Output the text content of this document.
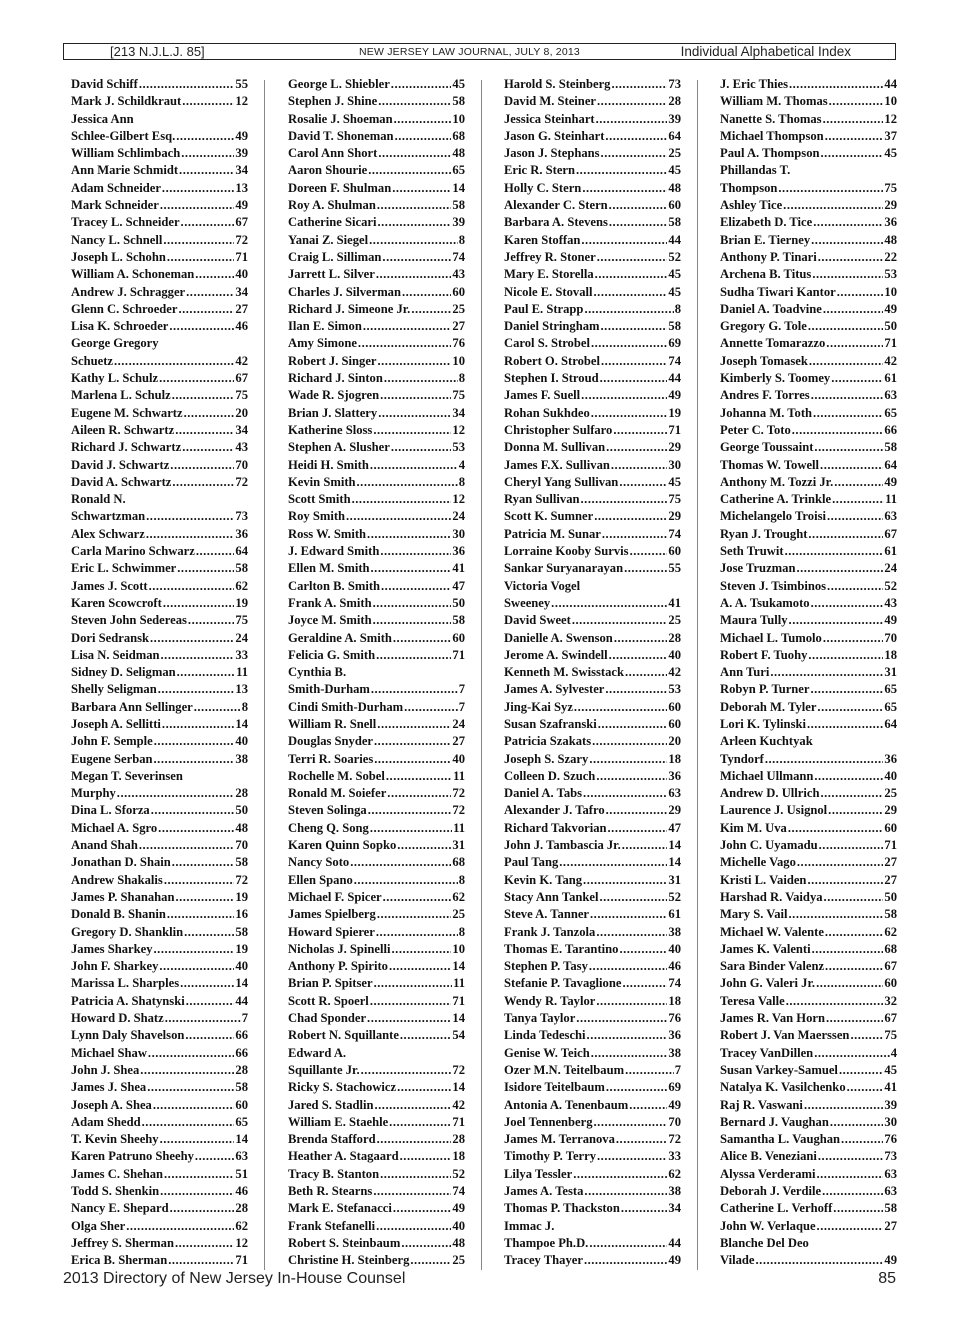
[213 N.J.L.J. 85]	NEW JERSEY LAW JOURNAL, JULY 8, 2013	Individual Alphabetical Index
David Schiff .....	55
Mark J. Schildkraut .....	12
Jessica Ann
Schlee-Gilbert Esq. .....	49
William Schlimbach .....	39
Ann Marie Schmidt .....	34
Adam Schneider .....	13
Mark Schneider .....	49
Tracey L. Schneider .....	67
Nancy L. Schnell .....	72
Joseph L. Schohn .....	71
William A. Schoneman .....	40
Andrew J. Schragger .....	34
Glenn C. Schroeder .....	27
Lisa K. Schroeder .....	46
George Gregory
Schuetz .....	42
Kathy L. Schulz .....	67
Marlena L. Schulz .....	75
Eugene M. Schwartz .....	20
Aileen R. Schwartz .....	34
Richard J. Schwartz .....	43
David J. Schwartz .....	70
David A. Schwartz .....	72
Ronald N.
Schwartzman .....	73
Alex Schwarz .....	36
Carla Marino Schwarz .....	64
Eric L. Schwimmer .....	58
James J. Scott .....	62
Karen Scowcroft .....	19
Steven John Sedereas .....	75
Dori Sedransk .....	24
Lisa N. Seidman .....	33
Sidney D. Seligman .....	11
Shelly Seligman .....	13
Barbara Ann Sellinger .....	8
Joseph A. Sellitti .....	14
John F. Semple .....	40
Eugene Serban .....	38
Megan T. Severinsen
Murphy .....	28
Dina L. Sforza .....	50
Michael A. Sgro .....	48
Anand Shah .....	70
Jonathan D. Shain .....	58
Andrew Shakalis .....	72
James P. Shanahan .....	19
Donald B. Shanin .....	16
Gregory D. Shanklin .....	58
James Sharkey .....	19
John F. Sharkey .....	40
Marissa L. Sharples .....	14
Patricia A. Shatynski .....	44
Howard D. Shatz .....	7
Lynn Daly Shavelson .....	66
Michael Shaw .....	66
John J. Shea .....	28
James J. Shea .....	58
Joseph A. Shea .....	60
Adam Shedd .....	65
T. Kevin Sheehy .....	14
Karen Patruno Sheehy .....	63
James C. Shehan .....	51
Todd S. Shenkin .....	46
Nancy E. Shepard .....	28
Olga Sher .....	62
Jeffrey S. Sherman .....	12
Erica B. Sherman .....	71
George L. Shiebler .....	45
Stephen J. Shine .....	58
Rosalie J. Shoeman .....	10
David T. Shoneman .....	68
Carol Ann Short .....	48
Aaron Shourie .....	65
Doreen F. Shulman .....	14
Roy A. Shulman .....	58
Catherine Sicari .....	39
Yanai Z. Siegel .....	8
Craig L. Silliman .....	74
Jarrett L. Silver .....	43
Charles J. Silverman .....	60
Richard J. Simeone Jr. .....	25
Ilan E. Simon .....	27
Amy Simone .....	76
Robert J. Singer .....	10
Richard J. Sinton .....	8
Wade R. Sjogren .....	75
Brian J. Slattery .....	34
Katherine Sloss .....	12
Stephen A. Slusher .....	53
Heidi H. Smith .....	4
Kevin Smith .....	8
Scott Smith .....	12
Roy Smith .....	24
Ross W. Smith .....	30
J. Edward Smith .....	36
Ellen M. Smith .....	41
Carlton B. Smith .....	47
Frank A. Smith .....	50
Joyce M. Smith .....	58
Geraldine A. Smith .....	60
Felicia G. Smith .....	71
Cynthia B.
Smith-Durham .....	7
Cindi Smith-Durham .....	7
William R. Snell .....	24
Douglas Snyder .....	27
Terri R. Soaries .....	40
Rochelle M. Sobel .....	11
Ronald M. Soiefer .....	72
Steven Solinga .....	72
Cheng Q. Song .....	11
Karen Quinn Sopko .....	31
Nancy Soto .....	68
Ellen Spano .....	8
Michael F. Spicer .....	62
James Spielberg .....	25
Howard Spierer .....	8
Nicholas J. Spinelli .....	10
Anthony P. Spirito .....	14
Brian P. Spitser .....	11
Scott R. Spoerl .....	71
Chad Sponder .....	14
Robert N. Squillante .....	54
Edward A.
Squillante Jr. .....	72
Ricky S. Stachowicz .....	14
Jared S. Stadlin .....	42
William E. Staehle .....	71
Brenda Stafford .....	28
Heather A. Stagaard .....	18
Tracy B. Stanton .....	52
Beth R. Stearns .....	74
Mark E. Stefanacci .....	49
Frank Stefanelli .....	40
Robert S. Steinbaum .....	48
Christine H. Steinberg .....	25
Harold S. Steinberg .....	73
David M. Steiner .....	28
Jessica Steinhart .....	39
Jason G. Steinhart .....	64
Jason J. Stephans .....	25
Eric R. Stern .....	45
Holly C. Stern .....	48
Alexander C. Stern .....	60
Barbara A. Stevens .....	58
Karen Stoffan .....	44
Jeffrey R. Stoner .....	52
Mary E. Storella .....	45
Nicole E. Stovall .....	45
Paul E. Strapp .....	8
Daniel Stringham .....	58
Carol S. Strobel .....	69
Robert O. Strobel .....	74
Stephen I. Stroud .....	44
James F. Suell .....	49
Rohan Sukhdeo .....	19
Christopher Sulfaro .....	71
Donna M. Sullivan .....	29
James F.X. Sullivan .....	30
Cheryl Yang Sullivan .....	45
Ryan Sullivan .....	75
Scott K. Sumner .....	29
Patricia M. Sunar .....	74
Lorraine Kooby Survis .....	60
Sankar Suryanarayan .....	55
Victoria Vogel
Sweeney .....	41
David Sweet .....	25
Danielle A. Swenson .....	28
Jerome A. Swindell .....	40
Kenneth M. Swisstack .....	42
James A. Sylvester .....	53
Jing-Kai Syz .....	60
Susan Szafranski .....	60
Patricia Szakats .....	20
Joseph S. Szary .....	18
Colleen D. Szuch .....	36
Daniel A. Tabs .....	63
Alexander J. Tafro .....	29
Richard Takvorian .....	47
John J. Tambascia Jr. .....	14
Paul Tang .....	14
Kevin K. Tang .....	31
Stacy Ann Tankel .....	52
Steve A. Tanner .....	61
Frank J. Tanzola .....	38
Thomas E. Tarantino .....	40
Stephen P. Tasy .....	46
Stefanie P. Tavaglione .....	74
Wendy R. Taylor .....	18
Tanya Taylor .....	76
Linda Tedeschi .....	36
Genise W. Teich .....	38
Ozer M.N. Teitelbaum .....	7
Isidore Teitelbaum .....	69
Antonia A. Tenenbaum .....	49
Joel Tennenberg .....	70
James M. Terranova .....	72
Timothy P. Terry .....	33
Lilya Tessler .....	62
James A. Testa .....	38
Thomas P. Thackston .....	34
Immac J.
Thampoe Ph.D. .....	44
Tracey Thayer .....	49
J. Eric Thies .....	44
William M. Thomas .....	10
Nanette S. Thomas .....	12
Michael Thompson .....	37
Paul A. Thompson .....	45
Phillandas T.
Thompson .....	75
Ashley Tice .....	29
Elizabeth D. Tice .....	36
Brian E. Tierney .....	48
Anthony P. Tinari .....	22
Archena B. Titus .....	53
Sudha Tiwari Kantor .....	10
Daniel A. Toadvine .....	49
Gregory G. Tole .....	50
Annette Tomarazzo .....	71
Joseph Tomasek .....	42
Kimberly S. Toomey .....	61
Andres F. Torres .....	63
Johanna M. Toth .....	65
Peter C. Toto .....	66
George Toussaint .....	58
Thomas W. Towell .....	64
Anthony M. Tozzi Jr. .....	49
Catherine A. Trinkle .....	11
Michelangelo Troisi .....	63
Ryan J. Trought .....	67
Seth Truwit .....	61
Jose Truzman .....	24
Steven J. Tsimbinos .....	52
A. A. Tsukamoto .....	43
Maura Tully .....	49
Michael L. Tumolo .....	70
Robert F. Tuohy .....	18
Ann Turi .....	31
Robyn P. Turner .....	65
Deborah M. Tyler .....	65
Lori K. Tylinski .....	64
Arleen Kuchtyak
Tyndorf .....	36
Michael Ullmann .....	40
Andrew D. Ullrich .....	25
Laurence J. Usignol .....	29
Kim M. Uva .....	60
John C. Uyamadu .....	71
Michelle Vago .....	27
Kristi L. Vaiden .....	27
Harshad R. Vaidya .....	50
Mary S. Vail .....	58
Michael W. Valente .....	62
James K. Valenti .....	68
Sara Binder Valenz .....	67
John G. Valeri Jr. .....	60
Teresa Valle .....	32
James R. Van Horn .....	67
Robert J. Van Maerssen .....	75
Tracey VanDillen .....	4
Susan Varkey-Samuel .....	45
Natalya K. Vasilchenko .....	41
Raj R. Vaswani .....	39
Bernard J. Vaughan .....	30
Samantha L. Vaughan .....	76
Alice B. Veneziani .....	73
Alyssa Verderami .....	63
Deborah J. Verdile .....	63
Catherine L. Verhoff .....	58
John W. Verlaque .....	27
Blanche Del Deo
Vilade .....	49
2013 Directory of New Jersey In-House Counsel	85
